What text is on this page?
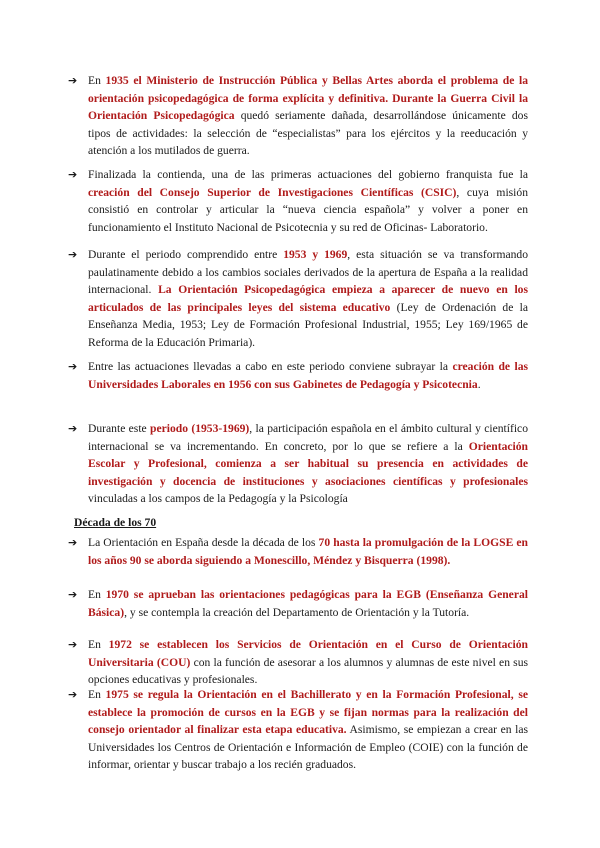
➔ En 1935 el Ministerio de Instrucción Pública y Bellas Artes aborda el problema de la orientación psicopedagógica de forma explícita y definitiva. Durante la Guerra Civil la Orientación Psicopedagógica quedó seriamente dañada, desarrollándose únicamente dos tipos de actividades: la selección de “especialistas” para los ejércitos y la reeducación y atención a los mutilados de guerra.

➔ Finalizada la contienda, una de las primeras actuaciones del gobierno franquista fue la creación del Consejo Superior de Investigaciones Científicas (CSIC), cuya misión consistió en controlar y articular la “nueva ciencia española” y volver a poner en funcionamiento el Instituto Nacional de Psicotecnia y su red de Oficinas- Laboratorio.

➔ Durante el periodo comprendido entre 1953 y 1969, esta situación se va transformando paulatinamente debido a los cambios sociales derivados de la apertura de España a la realidad internacional. La Orientación Psicopedagógica empieza a aparecer de nuevo en los articulados de las principales leyes del sistema educativo (Ley de Ordenación de la Enseñanza Media, 1953; Ley de Formación Profesional Industrial, 1955; Ley 169/1965 de Reforma de la Educación Primaria).

➔ Entre las actuaciones llevadas a cabo en este periodo conviene subrayar la creación de las Universidades Laborales en 1956 con sus Gabinetes de Pedagogía y Psicotecnia.

➔ Durante este periodo (1953-1969), la participación española en el ámbito cultural y científico internacional se va incrementando. En concreto, por lo que se refiere a la Orientación Escolar y Profesional, comienza a ser habitual su presencia en actividades de investigación y docencia de instituciones y asociaciones científicas y profesionales vinculadas a los campos de la Pedagogía y la Psicología

Década de los 70

➔ La Orientación en España desde la década de los 70 hasta la promulgación de la LOGSE en los años 90 se aborda siguiendo a Monescillo, Méndez y Bisquerra (1998).

➔ En 1970 se aprueban las orientaciones pedagógicas para la EGB (Enseñanza General Básica), y se contempla la creación del Departamento de Orientación y la Tutoría.

➔ En 1972 se establecen los Servicios de Orientación en el Curso de Orientación Universitaria (COU) con la función de asesorar a los alumnos y alumnas de este nivel en sus opciones educativas y profesionales.

➔ En 1975 se regula la Orientación en el Bachillerato y en la Formación Profesional, se establece la promoción de cursos en la EGB y se fijan normas para la realización del consejo orientador al finalizar esta etapa educativa. Asimismo, se empiezan a crear en las Universidades los Centros de Orientación e Información de Empleo (COIE) con la función de informar, orientar y buscar trabajo a los recién graduados.
